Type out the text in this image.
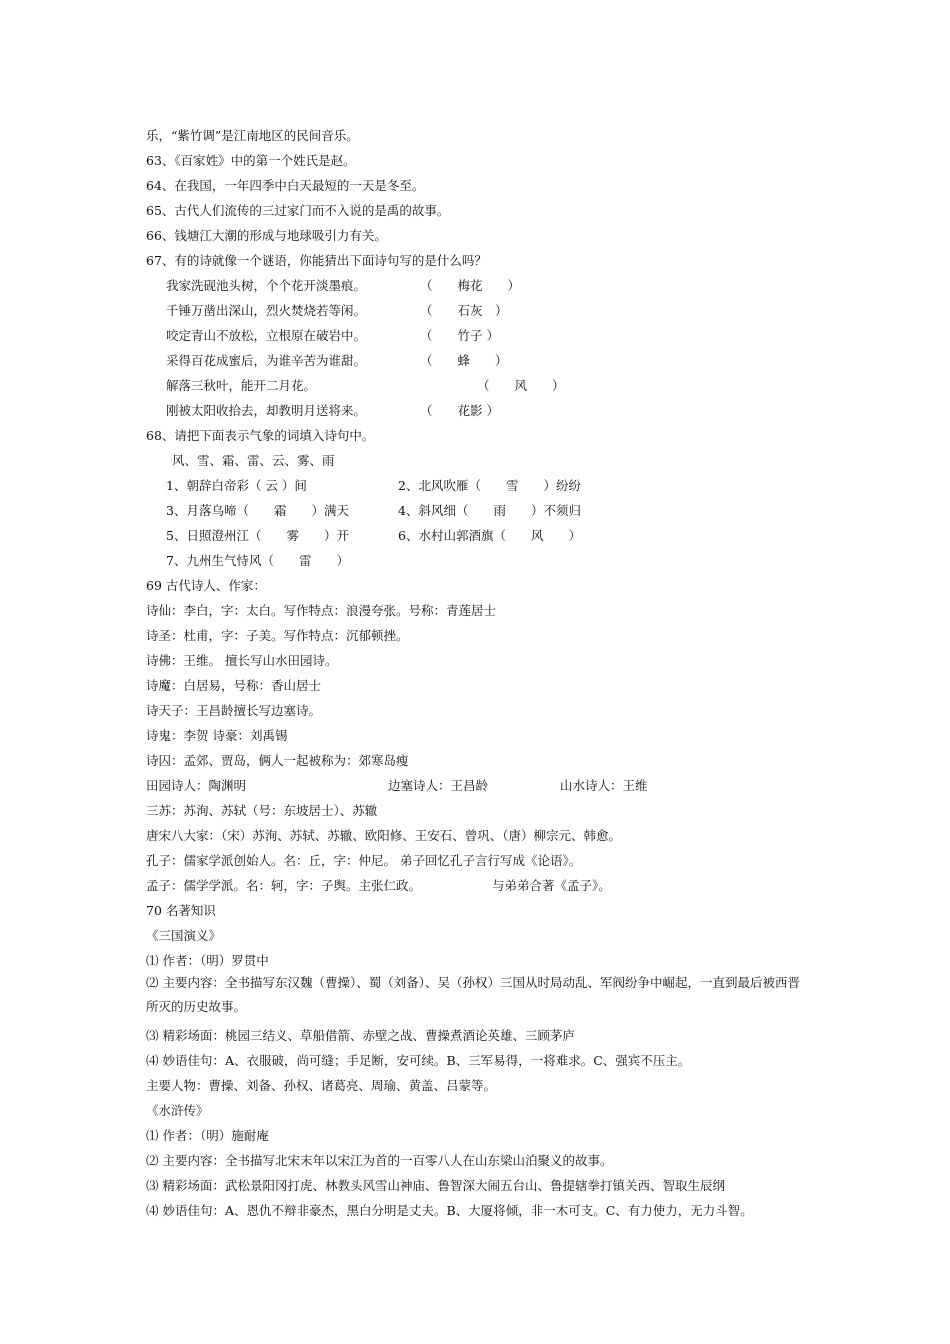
乐，“紫竹调”是江南地区的民间音乐。
63、《百家姓》中的第一个姓氏是赵。
64、在我国，一年四季中白天最短的一天是冬至。
65、古代人们流传的三过家门而不入说的是禹的故事。
66、钱塘江大潮的形成与地球吸引力有关。
67、有的诗就像一个谜语，你能猜出下面诗句写的是什么吗？
我家洗砚池头树，个个花开淡墨痕。	（　　梅花　　）
千锤万凿出深山，烈火焚烧若等闲。	（　　石灰　）
咬定青山不放松，立根原在破岩中。	（　　竹子 ）
采得百花成蜜后，为谁辛苦为谁甜。	（　　蜂　　）
解落三秋叶，能开二月花。	（　　风　　）
刚被太阳收拾去，却教明月送将来。	（　　花影 ）
68、请把下面表示气象的词填入诗句中。
风、雪、霜、雷、云、雾、雨
1、朝辞白帝彩（ 云 ）间	2、北风吹雁（　　雪　　）纷纷
3、月落乌啼（　　霜　　）满天	4、斜风细（　　雨　　）不须归
5、日照澄州江（　　雾　　）开	6、水村山郭酒旗（　　风　　）
7、九州生气恃风（　　雷　　）
69 古代诗人、作家：
诗仙：李白，字：太白。写作特点：浪漫夸张。号称：青莲居士
诗圣：杜甫，字：子美。写作特点：沉郁顿挫。
诗佛：王维。 擅长写山水田园诗。
诗魔：白居易，号称：香山居士
诗天子：王昌龄擅长写边塞诗。
诗鬼：李贺 诗豪：刘禹锡
诗囚：孟郊、贾岛，俩人一起被称为：郊寒岛瘦
田园诗人：陶渊明	边塞诗人：王昌龄	山水诗人：王维
三苏：苏洵、苏轼（号：东坡居士）、苏辙
唐宋八大家：（宋）苏洵、苏轼、苏辙、欧阳修、王安石、曾巩、（唐）柳宗元、韩愈。
孔子：儒家学派创始人。名：丘，字：仲尼。 弟子回忆孔子言行写成《论语》。
孟子：儒学学派。名：轲，字：子舆。主张仁政。	与弟弟合著《孟子》。
70 名著知识
《三国演义》
⑴ 作者：（明）罗贯中
⑵ 主要内容：全书描写东汉魏（曹操）、蜀（刘备）、吴（孙权）三国从时局动乱、军阀纷争中崛起，一直到最后被西晋所灭的历史故事。
⑶ 精彩场面：桃园三结义、草船借箭、赤壁之战、曹操煮酒论英雄、三顾茅庐
⑷ 妙语佳句：A、衣服破，尚可缝；手足断，安可续。B、三军易得，一将难求。C、强宾不压主。
主要人物：曹操、刘备、孙权、诸葛亮、周瑜、黄盖、吕蒙等。
《水浒传》
⑴ 作者：（明）施耐庵
⑵ 主要内容：全书描写北宋末年以宋江为首的一百零八人在山东梁山泊聚义的故事。
⑶ 精彩场面：武松景阳冈打虎、林教头风雪山神庙、鲁智深大闹五台山、鲁提辖拳打镇关西、智取生辰纲
⑷ 妙语佳句：A、恩仇不辩非豪杰，黑白分明是丈夫。B、大厦将倾，非一木可支。C、有力使力，无力斗智。
